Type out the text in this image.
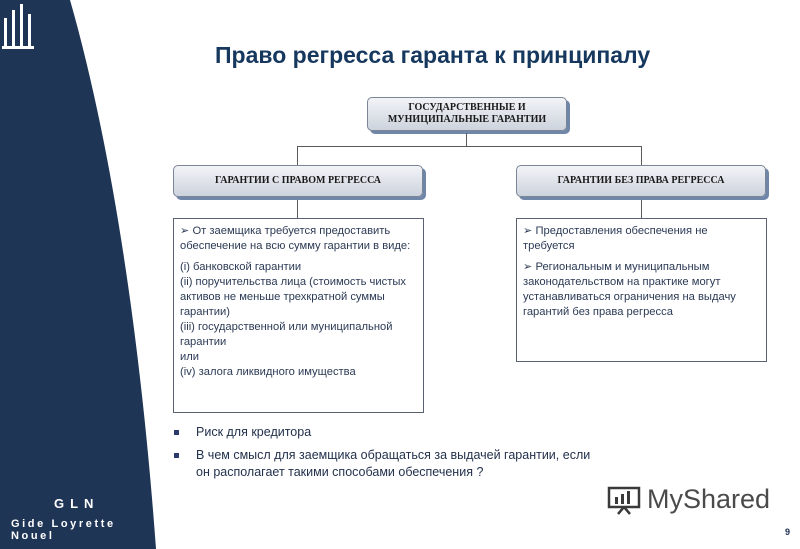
GLN
Gide Loyrette Nouel
Право регресса гаранта к принципалу
ГОСУДАРСТВЕННЫЕ И МУНИЦИПАЛЬНЫЕ ГАРАНТИИ
ГАРАНТИИ С ПРАВОМ РЕГРЕССА	ГАРАНТИИ БЕЗ ПРАВА РЕГРЕССА

➢ От заемщика требуется предоставить обеспечение на всю сумму гарантии в виде:

(i) банковской гарантии

(ii) поручительства лица (стоимость чистых активов не меньше трехкратной суммы гарантии)

(iii) государственной или муниципальной гарантии

или

(iv) залога ликвидного имущества

➢ Предоставления обеспечения не требуется

➢ Региональным и муниципальным законодательством на практике могут устанавливаться ограничения на выдачу гарантий без права регресса

Риск для кредитора
В чем смысл для заемщика обращаться за выдачей гарантии, если он располагает такими способами обеспечения ?
MyShared
9
